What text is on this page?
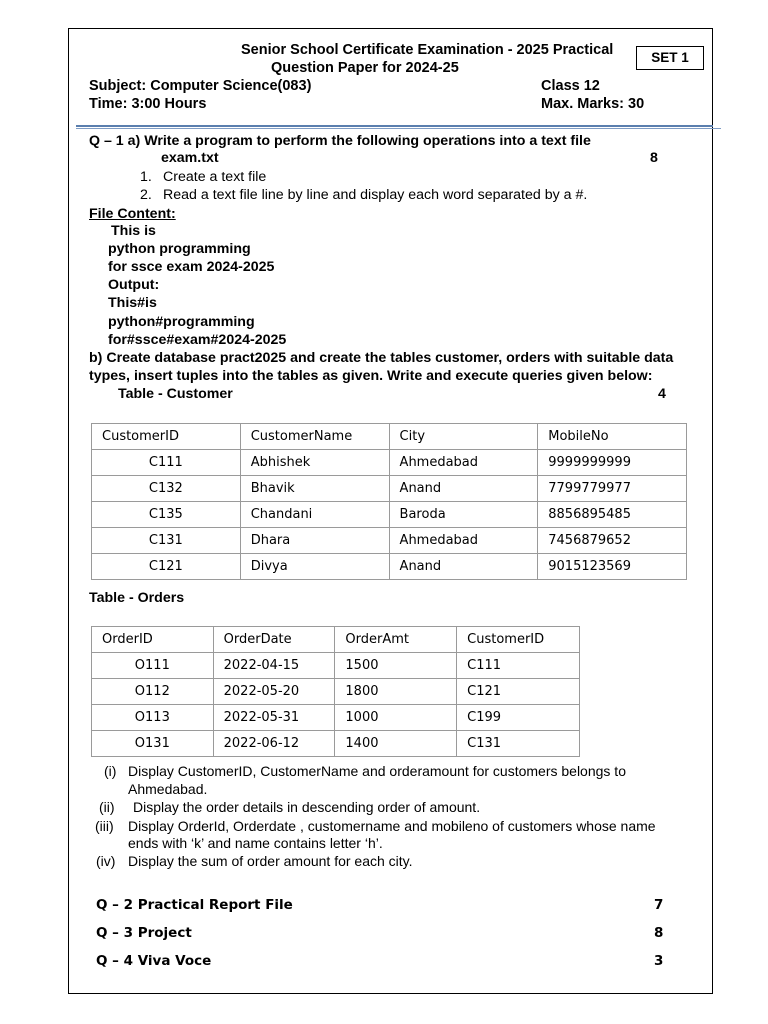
Senior School Certificate Examination - 2025 Practical
Question Paper for 2024-25
SET 1
Subject: Computer Science(083)	Class 12
Time: 3:00 Hours	Max. Marks: 30
Q – 1 a) Write a program to perform the following operations into a text file
exam.txt	8
1. Create a text file
2. Read a text file line by line and display each word separated by a #.
File Content:
This is
python programming
for ssce exam 2024-2025
Output:
This#is
python#programming
for#ssce#exam#2024-2025
b) Create database pract2025 and create the tables customer, orders with suitable data
types, insert tuples into the tables as given. Write and execute queries given below:
Table - Customer	4
CustomerID	CustomerName	City	MobileNo
C111	Abhishek	Ahmedabad	9999999999
C132	Bhavik	Anand	7799779977
C135	Chandani	Baroda	8856895485
C131	Dhara	Ahmedabad	7456879652
C121	Divya	Anand	9015123569
Table - Orders
OrderID	OrderDate	OrderAmt	CustomerID
O111	2022-04-15	1500	C111
O112	2022-05-20	1800	C121
O113	2022-05-31	1000	C199
O131	2022-06-12	1400	C131
(i) Display CustomerID, CustomerName and orderamount for customers belongs to
Ahmedabad.
(ii) Display the order details in descending order of amount.
(iii) Display OrderId, Orderdate , customername and mobileno of customers whose name
ends with ‘k’ and name contains letter ‘h’.
(iv) Display the sum of order amount for each city.
Q – 2 Practical Report File	7
Q – 3 Project	8
Q – 4 Viva Voce	3
